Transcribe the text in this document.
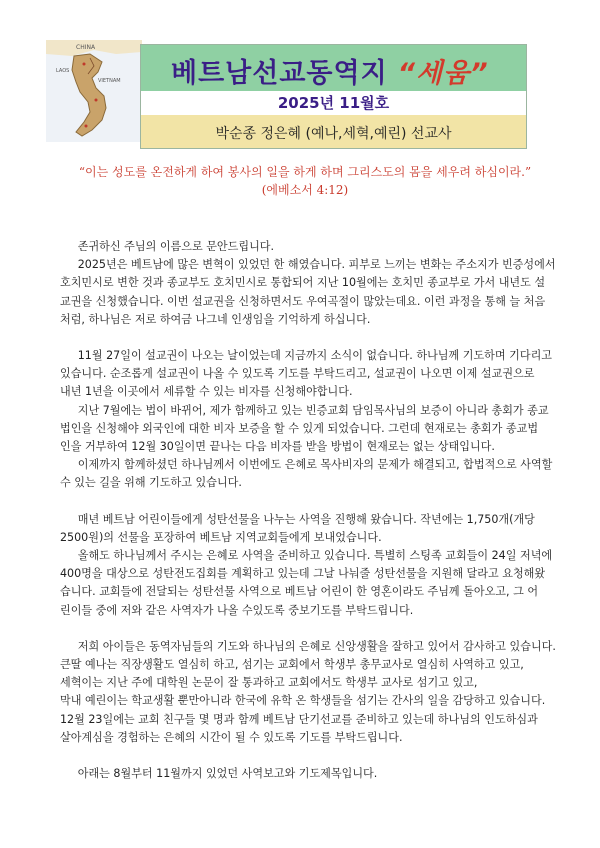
CHINA
LAOS
VIETNAM 베트남선교동역지 “세움”
2025년 11월호
박순종 정은혜 (예나,세혁,예린) 선교사
“이는 성도를 온전하게 하여 봉사의 일을 하게 하며 그리스도의 몸을 세우려 하심이라.”
(에베소서 4:12)

존귀하신 주님의 이름으로 문안드립니다.

2025년은 베트남에 많은 변혁이 있었던 한 해였습니다. 피부로 느끼는 변화는 주소지가 빈증성에서
호치민시로 변한 것과 종교부도 호치민시로 통합되어 지난 10월에는 호치민 종교부로 가서 내년도 설
교권을 신청했습니다. 이번 설교권을 신청하면서도 우여곡절이 많았는데요. 이런 과정을 통해 늘 처음
처럼, 하나님은 저로 하여금 나그네 인생임을 기억하게 하십니다.

11월 27일이 설교권이 나오는 날이었는데 지금까지 소식이 없습니다. 하나님께 기도하며 기다리고
있습니다. 순조롭게 설교권이 나올 수 있도록 기도를 부탁드리고, 설교권이 나오면 이제 설교권으로
내년 1년을 이곳에서 세류할 수 있는 비자를 신청해야합니다.

지난 7월에는 법이 바뀌어, 제가 함께하고 있는 빈증교회 담임목사님의 보증이 아니라 총회가 종교
법인을 신청해야 외국인에 대한 비자 보증을 할 수 있게 되었습니다. 그런데 현재로는 총회가 종교법
인을 거부하여 12월 30일이면 끝나는 다음 비자를 받을 방법이 현재로는 없는 상태입니다.

이제까지 함께하셨던 하나님께서 이번에도 은혜로 목사비자의 문제가 해결되고, 합법적으로 사역할
수 있는 길을 위해 기도하고 있습니다.

매년 베트남 어린이들에게 성탄선물을 나누는 사역을 진행해 왔습니다. 작년에는 1,750개(개당
2500원)의 선물을 포장하여 베트남 지역교회들에게 보내었습니다.

올해도 하나님께서 주시는 은혜로 사역을 준비하고 있습니다. 특별히 스팅족 교회들이 24일 저녁에
400명을 대상으로 성탄전도집회를 계획하고 있는데 그날 나눠줄 성탄선물을 지원해 달라고 요청해왔
습니다. 교회들에 전달되는 성탄선물 사역으로 베트남 어린이 한 영혼이라도 주님께 돌아오고, 그 어
린이들 중에 저와 같은 사역자가 나올 수있도록 중보기도를 부탁드립니다.

저희 아이들은 동역자님들의 기도와 하나님의 은혜로 신앙생활을 잘하고 있어서 감사하고 있습니다.
큰딸 예나는 직장생활도 열심히 하고, 섬기는 교회에서 학생부 총무교사로 열심히 사역하고 있고,
세혁이는 지난 주에 대학원 논문이 잘 통과하고 교회에서도 학생부 교사로 섬기고 있고,
막내 예린이는 학교생활 뿐만아니라 한국에 유학 온 학생들을 섬기는 간사의 일을 감당하고 있습니다.
12월 23일에는 교회 친구들 몇 명과 함께 베트남 단기선교를 준비하고 있는데 하나님의 인도하심과
살아계심을 경험하는 은혜의 시간이 될 수 있도록 기도를 부탁드립니다.

아래는 8월부터 11월까지 있었던 사역보고와 기도제목입니다.
